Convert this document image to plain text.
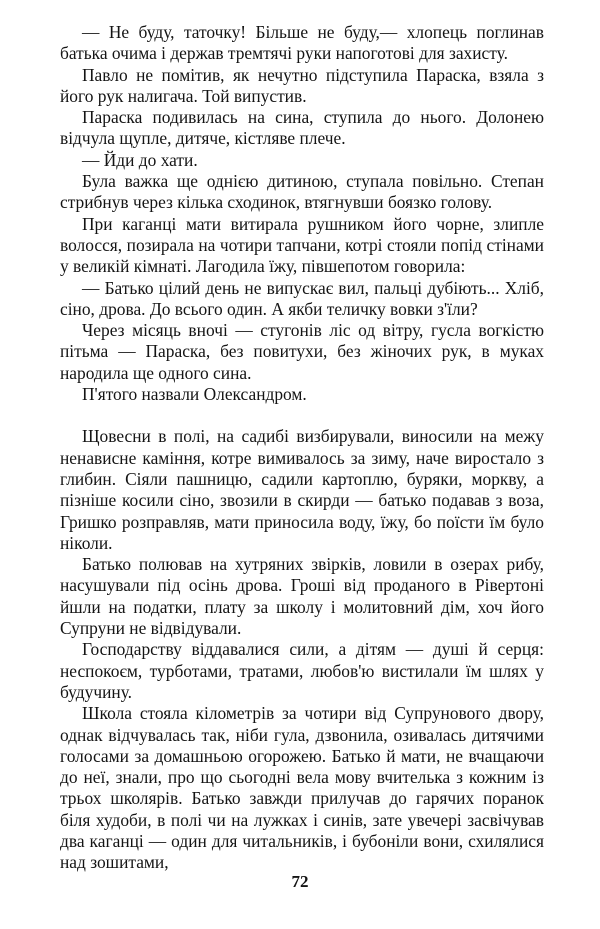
— Не буду, таточку! Більше не буду,— хлопець поглинав батька очима і держав тремтячі руки напоготові для захисту.

Павло не помітив, як нечутно підступила Параска, взяла з його рук налигача. Той випустив.

Параска подивилась на сина, ступила до нього. Долонею відчула щупле, дитяче, кістляве плече.

— Йди до хати.

Була важка ще однією дитиною, ступала повільно. Степан стрибнув через кілька сходинок, втягнувши боязко голову.

При каганці мати витирала рушником його чорне, злипле волосся, позирала на чотири тапчани, котрі стояли попід стінами у великій кімнаті. Лагодила їжу, півшепотом говорила:

— Батько цілий день не випускає вил, пальці дубіють... Хліб, сіно, дрова. До всього один. А якби теличку вовки з'їли?

Через місяць вночі — стугонів ліс од вітру, гусла вогкістю пітьма — Параска, без повитухи, без жіночих рук, в муках народила ще одного сина.

П'ятого назвали Олександром.

Щовесни в полі, на садибі визбирували, виносили на межу ненависне каміння, котре вимивалось за зиму, наче виростало з глибин. Сіяли пашницю, садили картоплю, буряки, моркву, а пізніше косили сіно, звозили в скирди — батько подавав з воза, Гришко розправляв, мати приносила воду, їжу, бо поїсти їм було ніколи.

Батько полював на хутряних звірків, ловили в озерах рибу, насушували під осінь дрова. Гроші від проданого в Рівертоні йшли на податки, плату за школу і молитовний дім, хоч його Супруни не відвідували.

Господарству віддавалися сили, а дітям — душі й серця: неспокоєм, турботами, тратами, любов'ю вистилали їм шлях у будучину.

Школа стояла кілометрів за чотири від Супрунового двору, однак відчувалась так, ніби гула, дзвонила, озивалась дитячими голосами за домашньою огорожею. Батько й мати, не вчащаючи до неї, знали, про що сьогодні вела мову вчителька з кожним із трьох школярів. Батько завжди прилучав до гарячих поранок біля худоби, в полі чи на лужках і синів, зате увечері засвічував два каганці — один для читальників, і бубоніли вони, схилялися над зошитами,

72
